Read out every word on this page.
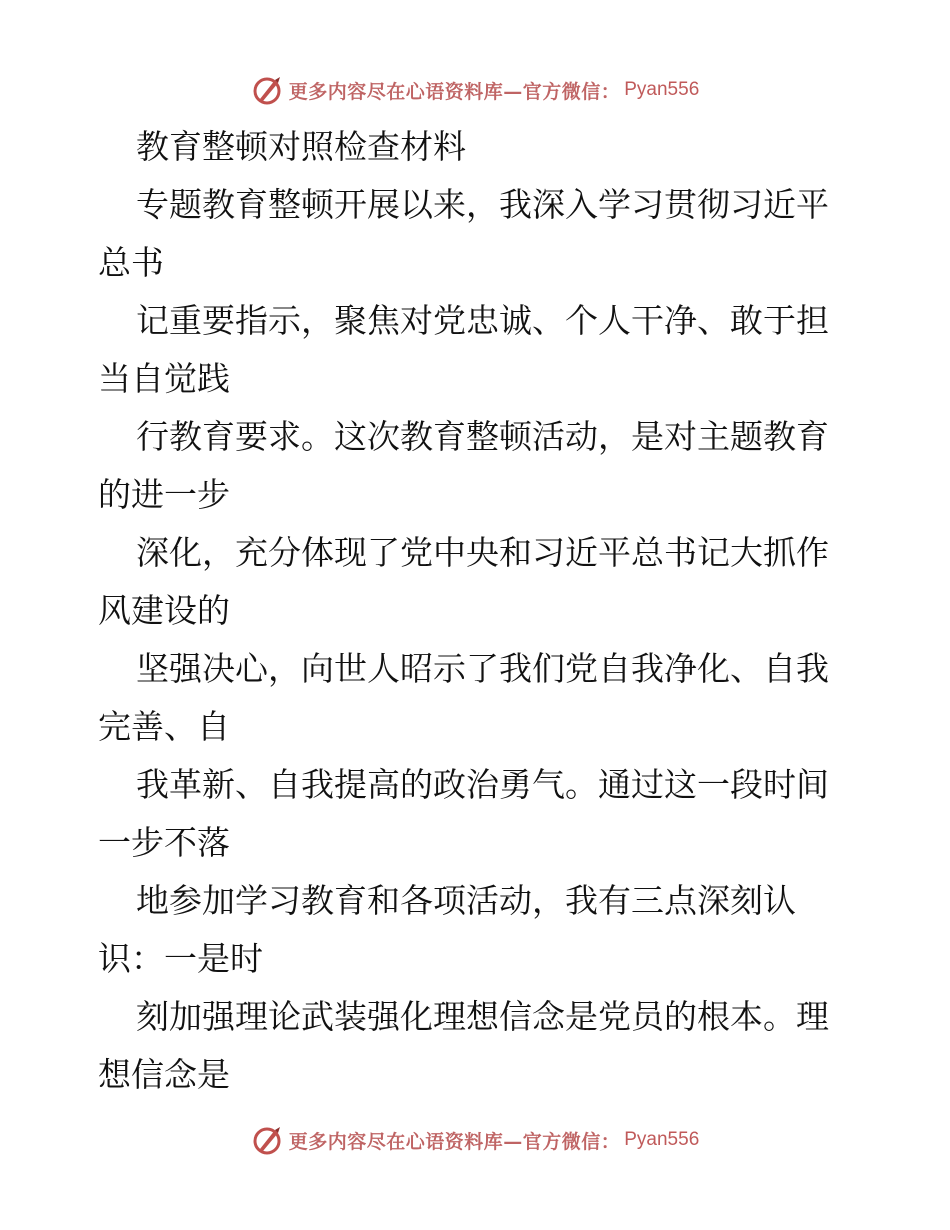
更多内容尽在心语资料库—官方微信： Pyan556
教育整顿对照检查材料
专题教育整顿开展以来，我深入学习贯彻习近平
总书
记重要指示，聚焦对党忠诚、个人干净、敢于担
当自觉践
行教育要求。这次教育整顿活动，是对主题教育
的进一步
深化，充分体现了党中央和习近平总书记大抓作
风建设的
坚强决心，向世人昭示了我们党自我净化、自我
完善、自
我革新、自我提高的政治勇气。通过这一段时间
一步不落
地参加学习教育和各项活动，我有三点深刻认
识：一是时
刻加强理论武装强化理想信念是党员的根本。理
想信念是
更多内容尽在心语资料库—官方微信： Pyan556
